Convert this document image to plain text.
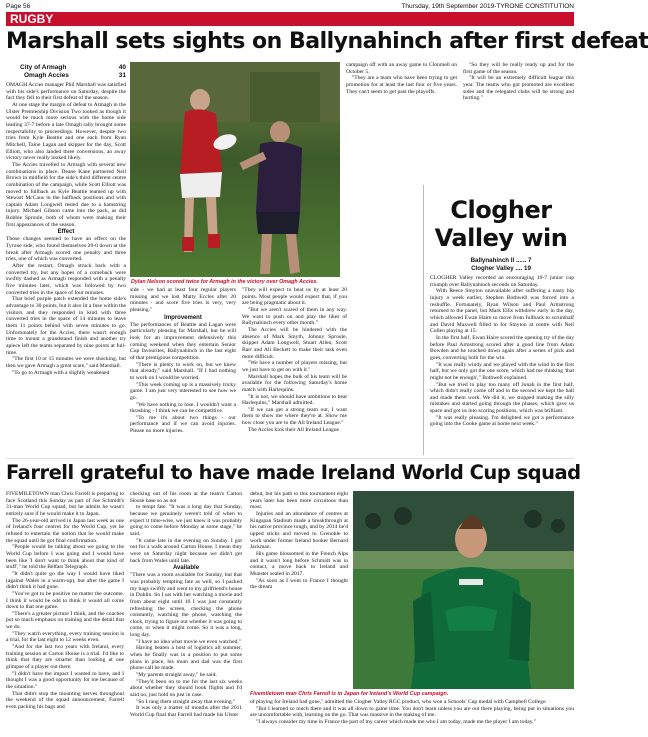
Page 56	Thursday, 19th September 2019-TYRONE CONSTITUTION
RUGBY
Marshall sets sights on Ballynahinch after first defeat
City of Armagh	40
Omagh Accies	31

OMAGH Accies manager Phil Marshall was satisfied with his side's performance on Saturday, despite the fact they fell to their first defeat of the season.

At one stage the margin of defeat to Armagh in the Ulster Premiership Division Two looked as though it would be much more serious with the home side leading 37-7 before a late Omagh rally brought some respectability to proceedings. However, despite two tries from Kyle Beattie and one each from Ryan Mitchell, Taine Lagan and skipper for the day, Scott Elliott, who also landed three conversions, an away victory never really looked likely.

The Accies travelled to Armagh with several new combinations in place. Deane Kane partnered Neil Brown in midfield for the side's third different centre combination of the campaign, while Scott Elliott was moved to fullback as Kyle Beattie teamed up with Stewart McCaus in the halfback positions and with captain Adam Longwell rested due to a hamstring injury. Michael Gibson came into the pack, as did Robbie Sproule, both of whom were making their first appearances of the season.

Effect

Those changes seemed to have an effect on the Tyrone side, who found themselves 20-0 down at the break after Armagh scored one penalty and three tries, one of which was converted.

After the restart, Omagh struck back with a converted try, but any hopes of a comeback were swiftly dashed as Armagh responded with a penalty five minutes later, which was followed by two converted tries in the space of four minutes.

That brief purple patch extended the home side's advantage to 30 points, but it also lit a fuse within the visitors and they responded in kind with three converted tries in the space of 14 minutes to leave them 11 points behind with seven minutes to go. Unfortunately for the Accies, there wasn't enough time to mount a grandstand finish and another try apiece left the teams separated by nine points at full-time.

"The first 10 or 15 minutes we were shocking, but then we gave Armagh a great scare," said Marshall.

"To go to Armagh with a slightly weakened

Dylan Nelson scored twice for Armagh in the victory over Omagh Accies.

side - we had at least four regular players missing and we lost Matty Eccles after 20 minutes - and score five tries is very, very pleasing."

Improvement

The performances of Beattie and Lagan were particularly pleasing for Marshall, but he will look for an improvement defensively this coming weekend when they entertain Senior Cup favourites, Ballynahinch in the last eight of that prestigious competition.

"There is plenty to work on, but we knew that already," said Marshall. "If I had nothing to work on I would be worried.

"This week coming up is a massively tricky game. I am just very interested to see how we go.

"We have nothing to lose. I wouldn't want a thrashing - I think we can be competitive.

"To me it's about two things - our performance and if we can avoid injuries. Please no more injuries.

"They will expect to beat us by at least 20 points. Most people would expect that, if you are being pragmatic about it.

"But we aren't scared of them in any way. We want to push on and play the likes of Ballynahinch every other month."

The Accies will be hindered with the absence of Mark Smyth, Johnny Sproule, skipper Adam Longwell, Stuart Allen, Scott Barr and Ali Beckett to make their task even more difficult.

"We have a number of players missing, but we just have to get on with it."

Marshall hopes the bulk of his team will be available for the following Saturday's home match with Harlequins.

"It is not, we should have ambitions to beat Harlequins," Marshall admitted.

"If we can get a strong team out, I want them to show me where they're at. Show me how close you are to the All Ireland League."

The Accies kick their All Ireland League

campaign off with an away game to Clonmell on October 5.

"They are a team who have been trying to get promotion for at least the last four or five years. They can't seem to get past the playoffs.

"So they will be really ready up and for the first game of the season.

"It will be an extremely difficult league this year. The teams who got promoted are excellent sides and the relegated clubs will be strong and hurting."

Clogher Valley win
Ballynahinch II ...... 7
Clogher Valley .... 19

CLOGHER Valley recorded an encouraging 19-7 junior cup triumph over Ballynahinch seconds on Saturday.

With Reece Smyton unavailable after suffering a nasty hip injury a week earlier, Stephen Bothwell was forced into a reshuffle. Fortunately, Ryan Wilson and Paul Armstrong returned to the panel, but Mark Ellis withdrew early in the day, which allowed Ewan Haire to move from fullback to scrumhalf and David Maxwell filled in for Smyton at centre with Neil Cullen playing at 15.

In the first half, Ewan Haire scored the opening try of the day before Paul Armstrong scored after a good line from Adam Bowden and he touched down again after a series of pick and goes, converting both for the win.

"It was really windy and we played with the wind in the first half, but we only got the one score, which had me thinking 'that might not be enough'," Bothwell explained.

"But we tried to play too many off Jonah in the first half, which didn't really come off and in the second we kept the ball and made them work. We did it, we stopped making the silly mistakes and started going through the phases, which gave us space and got us into scoring positions, which was brilliant.

"It was really pleasing. I'm delighted we got a performance going into the Cooke game at home next week."

Farrell grateful to have made Ireland World Cup squad

FIVEMILETOWN man Chris Farrell is preparing to face Scotland this Sunday as part of Joe Schmidt's 31-man World Cup squad, but he admits he wasn't entirely sure if he would make it to Japan.

The 26-year-old arrived in Japan last week as one of Ireland's four centres for the World Cup, yet he refused to entertain the notion that he would make the squad until he got final confirmation.

"People would be talking about we going to the World Cup before I was going and I would have been like 'I don't want to think about that kind of stuff'," he told the Belfast Telegraph.

"It didn't quite go the way I would have liked (against Wales in a warm-up), but after the game I didn't think it had gone.

"You've got to be positive no matter the outcome. I think it would be odd to think it would all come down to that one game.

"There's a greater picture I think, and the coaches put so much emphasis on training and the detail that we do.

"They watch everything, every training session is a trial, for the last eight to 12 weeks even.

"And for the last two years with Ireland, every training session at Carton House is a trial. I'd like to think that they are smarter than looking at one glimpse of a player out there.

"I didn't have the impact I wanted to have, and I thought I was a good opportunity for me because of the situation."

That didn't stop the mounting nerves throughout the weekend of the squad announcement, Farrell even packing his bags and

checking out of his room at the team's Carton House base so as not

to tempt fate. "It was a long day that Sunday, because we genuinely weren't told of when to expect it time-wise, we just knew it was probably going to come before Monday at some stage," he said.

"It came late in the evening on Sunday. I got out for a walk around Carton House, I mean they were on Saturday night because we didn't get back from Wales until late.

Available

"There was a room available for Sunday, but that was probably tempting fate as well, so I packed my bags swiftly and went to my girlfriend's house in Dublin. So I sat with her watching a movie and from about eight until 10 I was just constantly refreshing the screen, checking the phone constantly, watching the phone, watching the clock, trying to figure out whether it was going to come, or when it might come. So it was a long, long day.

"I have no idea what movie we even watched."

Having beaten a host of logistics all summer, when he finally was in a position to put some plans in place, his mum and dad was the first phone call he made.

"My parents straight away," he said.

"They'd been on to me for the last six weeks about whether they should book flights and I'd said no, just hold on just in case.

"So I rang them straight away that evening."

It was only a matter of months after the 2011 World Cup final that Farrell had made his Ulster

Fivemiletown man Chris Farrell is in Japan for Ireland's World Cup campaign.

of playing for Ireland had gone," admitted the Clogher Valley RGC product, who won a Schools' Cup medal with Campbell College.

"But I learned so much there and it was all down to game time. You don't learn unless you are out there playing, being put in situations you are uncomfortable with, learning on the go. That was massive in the making of me.

"I always consider my time in France the part of my career which made me who I am today, made me the player I am today."

debut, but his path to this tournament eight years later has been more circuitous than most.

Injuries and an abundance of centres at Kingspan Stadium made a breakthrough at his native province tough, and by 2014 he'd upped sticks and moved to Grenoble to work under former Ireland hooker Bernard Jackman.

His game blossomed in the French Alps and it wasn't long before Schmidt was in contact, a move back to Ireland and Munster sealed in 2017.

"As soon as I went to France I thought the dream
